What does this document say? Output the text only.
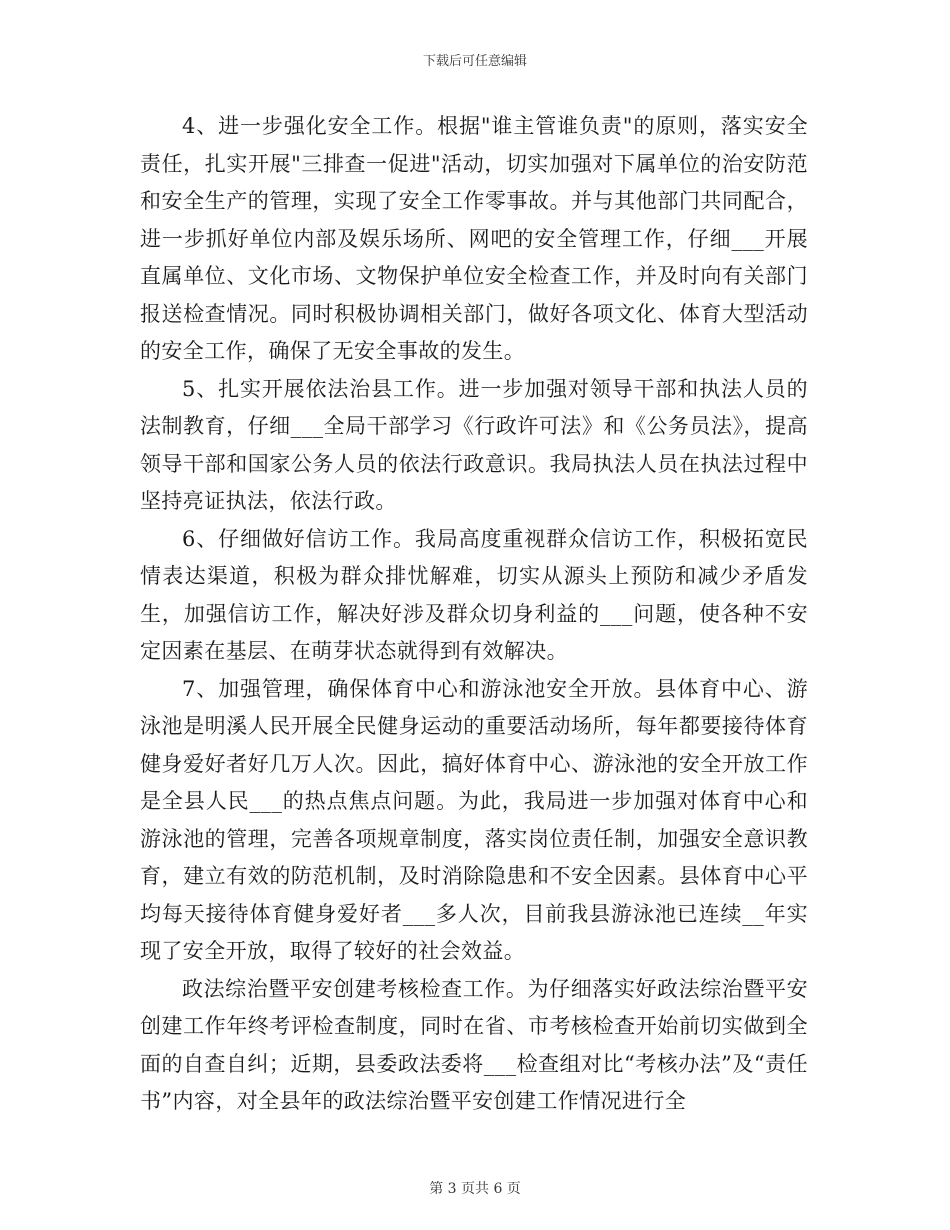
下载后可任意编辑

4、进一步强化安全工作。根据"谁主管谁负责"的原则，落实安全责任，扎实开展"三排查一促进"活动，切实加强对下属单位的治安防范和安全生产的管理，实现了安全工作零事故。并与其他部门共同配合，进一步抓好单位内部及娱乐场所、网吧的安全管理工作，仔细___开展直属单位、文化市场、文物保护单位安全检查工作，并及时向有关部门报送检查情况。同时积极协调相关部门，做好各项文化、体育大型活动的安全工作，确保了无安全事故的发生。

5、扎实开展依法治县工作。进一步加强对领导干部和执法人员的法制教育，仔细___全局干部学习《行政许可法》和《公务员法》，提高领导干部和国家公务人员的依法行政意识。我局执法人员在执法过程中坚持亮证执法，依法行政。

6、仔细做好信访工作。我局高度重视群众信访工作，积极拓宽民情表达渠道，积极为群众排忧解难，切实从源头上预防和减少矛盾发生，加强信访工作，解决好涉及群众切身利益的___问题，使各种不安定因素在基层、在萌芽状态就得到有效解决。

7、加强管理，确保体育中心和游泳池安全开放。县体育中心、游泳池是明溪人民开展全民健身运动的重要活动场所，每年都要接待体育健身爱好者好几万人次。因此，搞好体育中心、游泳池的安全开放工作是全县人民___的热点焦点问题。为此，我局进一步加强对体育中心和游泳池的管理，完善各项规章制度，落实岗位责任制，加强安全意识教育，建立有效的防范机制，及时消除隐患和不安全因素。县体育中心平均每天接待体育健身爱好者___多人次，目前我县游泳池已连续__年实现了安全开放，取得了较好的社会效益。

政法综治暨平安创建考核检查工作。为仔细落实好政法综治暨平安创建工作年终考评检查制度，同时在省、市考核检查开始前切实做到全面的自查自纠；近期，县委政法委将___检查组对比“考核办法”及“责任书”内容，对全县年的政法综治暨平安创建工作情况进行全

第 3 页共 6 页
